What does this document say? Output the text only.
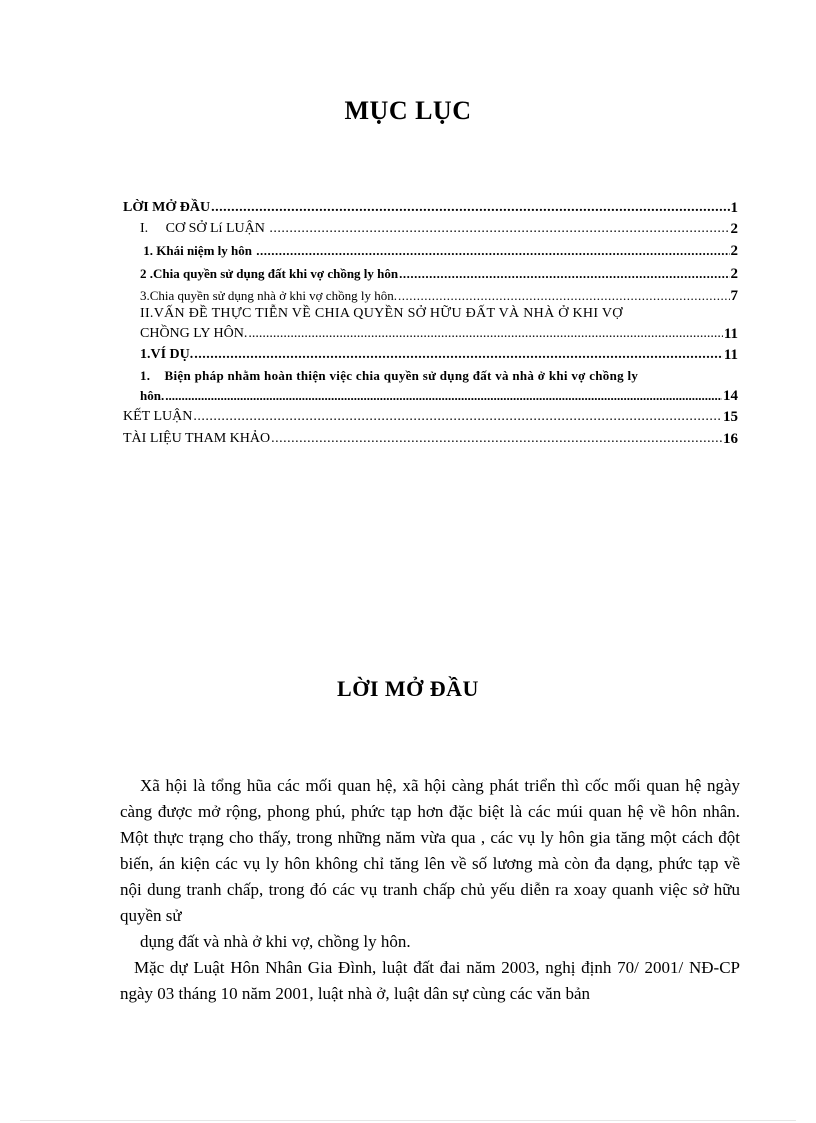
MỤC LỤC
LỜI MỞ ĐẦU .....	1
I.     CƠ SỞ Lí LUẬN .....	2
1. Khái niệm ly hôn .....	2
2 .Chia quyền sử dụng đất khi vợ chồng ly hôn .....	2
3.Chia quyền sử dụng nhà ở khi vợ chồng ly hôn. .....	7
II.VẤN ĐỀ THỰC TIỄN VỀ CHIA QUYỀN SỞ HỮU ĐẤT VÀ NHÀ Ở KHI VỢ
CHỒNG LY HÔN. .....	11
1.VÍ DỤ. .....	11
1.    Biện pháp nhằm hoàn thiện việc chia quyền sử dụng đất và nhà ở khi vợ chồng ly
hôn. .....	14
KẾT LUẬN .....	15
TÀI LIỆU THAM KHẢO .....	16
LỜI MỞ ĐẦU
Xã hội là tổng hũa các mối quan hệ, xã hội càng phát triển thì cốc mối quan hệ ngày càng được mở rộng, phong phú, phức tạp hơn đặc biệt là các múi quan hệ về hôn nhân. Một thực trạng cho thấy, trong những năm vừa qua , các vụ ly hôn gia tăng một cách đột biến, án kiện các vụ ly hôn không chỉ tăng lên về số lương mà còn đa dạng, phức tạp về nội dung tranh chấp, trong đó các vụ tranh chấp chủ yếu diễn ra xoay quanh việc sở hữu quyền sử
dụng đất và nhà ở khi vợ, chồng ly hôn.
Mặc dự Luật Hôn Nhân Gia Đình, luật đất đai năm 2003, nghị định 70/ 2001/ NĐ-CP ngày 03 tháng 10 năm 2001, luật nhà ở, luật dân sự cùng các văn bản
